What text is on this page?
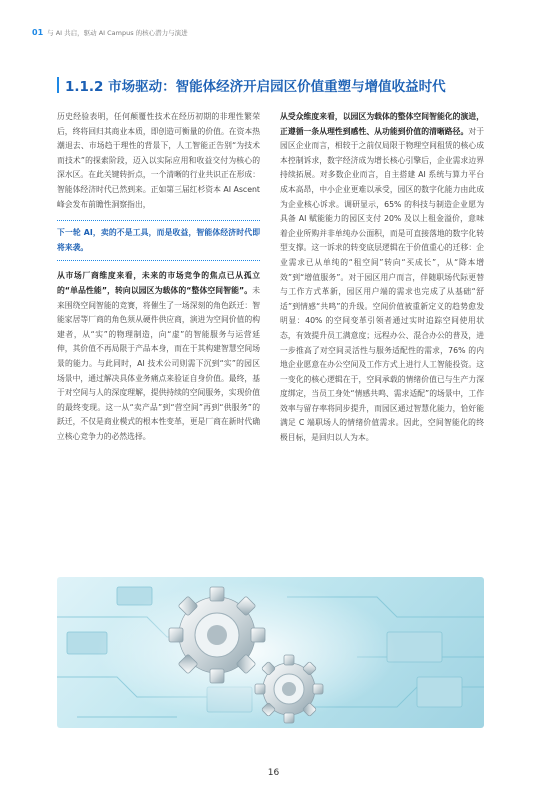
01 与 AI 共启，驱动 AI Campus 的核心潜力与演进
1.1.2 市场驱动：智能体经济开启园区价值重塑与增值收益时代

历史经验表明，任何颠覆性技术在经历初期的非理性繁荣后，终将回归其商业本质，即创造可衡量的价值。在资本热潮退去、市场趋于理性的背景下，人工智能正告别“为技术而技术”的探索阶段，迈入以实际应用和收益交付为核心的深水区。在此关键转折点，一个清晰的行业共识正在形成：智能体经济时代已然到来。正如第三届红杉资本 AI Ascent 峰会发布前瞻性洞察指出，

下一轮 AI，卖的不是工具，而是收益，智能体经济时代即将来袭。

从市场厂商维度来看，未来的市场竞争的焦点已从孤立的“单品性能”，转向以园区为载体的“整体空间智能”。未来围绕空间智能的竞赛，将催生了一场深刻的角色跃迁：智能家居等厂商的角色须从硬件供应商，演进为空间价值的构建者，从“实”的物理制造，向“虚”的智能服务与运营延伸，其价值不再局限于产品本身，而在于其构建智慧空间场景的能力。与此同时，AI 技术公司则需下沉到“实”的园区场景中，通过解决具体业务痛点来验证自身价值。最终，基于对空间与人的深度理解，提供持续的空间服务，实现价值的最终变现。这一从“卖产品”到“营空间”再到“供服务”的跃迁，不仅是商业模式的根本性变革，更是厂商在新时代确立核心竞争力的必然选择。

从受众维度来看，以园区为载体的整体空间智能化的演进，正遵循一条从理性到感性、从功能到价值的清晰路径。对于园区企业而言，相较于之前仅局限于物理空间租赁的核心成本控制诉求，数字经济成为增长核心引擎后，企业需求边界持续拓展。对多数企业而言，自主搭建 AI 系统与算力平台成本高昂，中小企业更难以承受，园区的数字化能力由此成为企业核心诉求。调研显示，65% 的科技与制造企业愿为具备 AI 赋能能力的园区支付 20% 及以上租金溢价，意味着企业所购并非单纯办公面积，而是可直接落地的数字化转型支撑。这一诉求的转变底层逻辑在于价值重心的迁移：企业需求已从单纯的“租空间”转向“买成长”，从“降本增效”到“增值服务”。对于园区用户而言，伴随职场代际更替与工作方式革新，园区用户端的需求也完成了从基础“舒适”到情感“共鸣”的升级。空间价值被重新定义的趋势愈发明显：40% 的空间变革引领者通过实时追踪空间使用状态，有效提升员工满意度；远程办公、混合办公的普及，进一步推高了对空间灵活性与服务适配性的需求，76% 的内地企业愿意在办公空间及工作方式上进行人工智能投资。这一变化的核心逻辑在于，空间承载的情绪价值已与生产力深度绑定，当员工身处“情感共鸣、需求适配”的场景中，工作效率与留存率将同步提升，而园区通过智慧化能力，恰好能满足 C 端职场人的情绪价值需求。因此，空间智能化的终极目标，是回归以人为本。

16
